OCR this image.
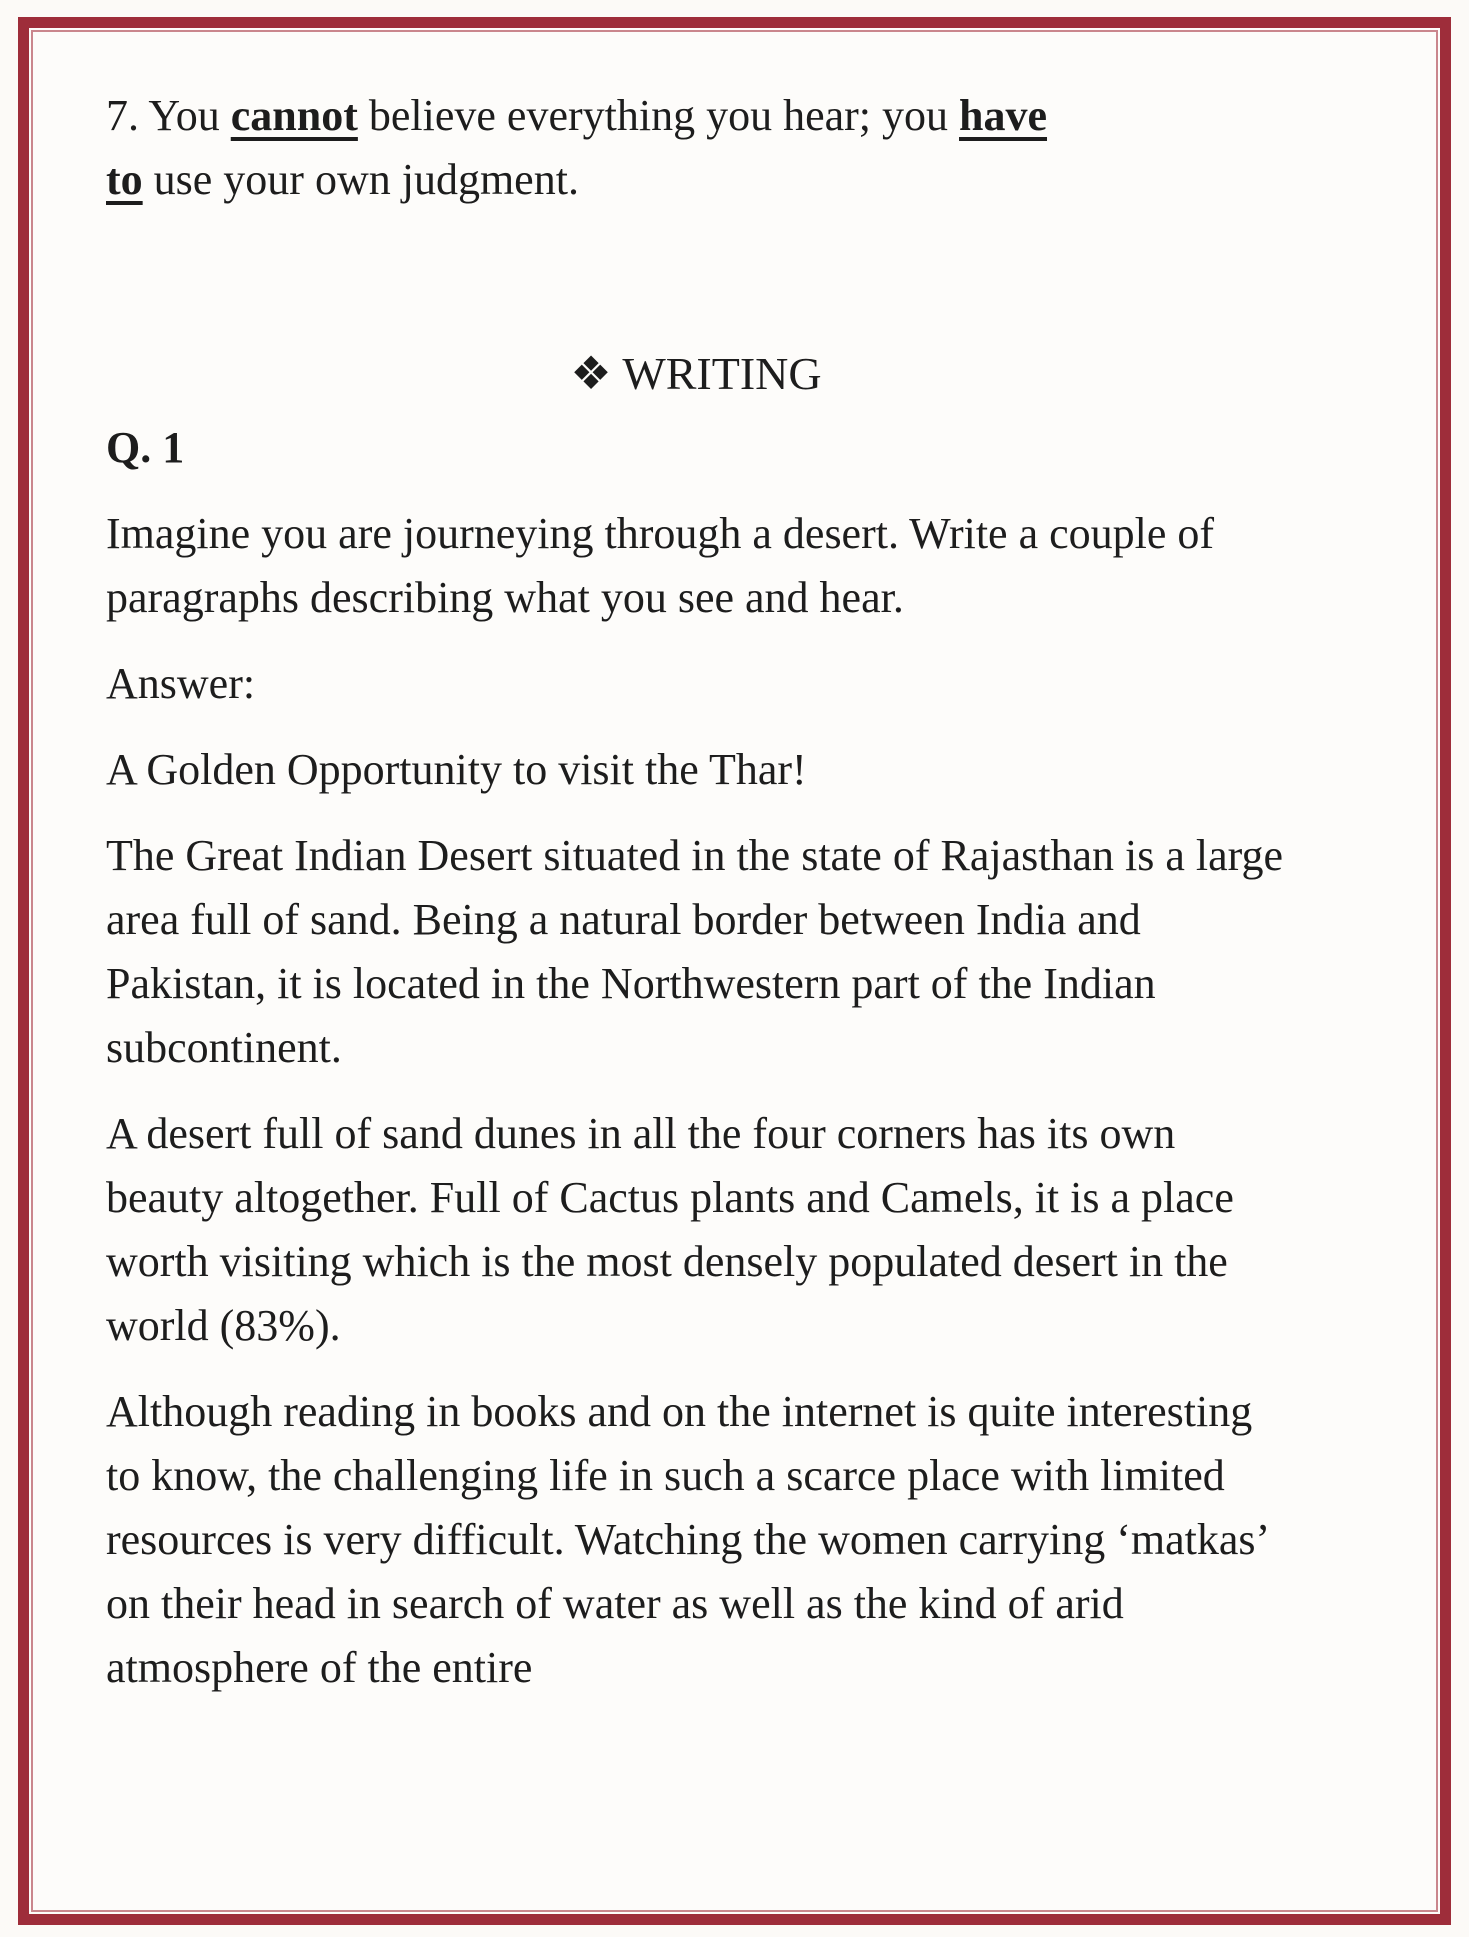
7. You cannot believe everything you hear; you have
to use your own judgment.

❖ WRITING

Q. 1

Imagine you are journeying through a desert. Write a couple of paragraphs describing what you see and hear.

Answer:

A Golden Opportunity to visit the Thar!

The Great Indian Desert situated in the state of Rajasthan is a large area full of sand. Being a natural border between India and Pakistan, it is located in the Northwestern part of the Indian subcontinent.

A desert full of sand dunes in all the four corners has its own beauty altogether. Full of Cactus plants and Camels, it is a place worth visiting which is the most densely populated desert in the world (83%).

Although reading in books and on the internet is quite interesting to know, the challenging life in such a scarce place with limited resources is very difficult. Watching the women carrying ‘matkas’ on their head in search of water as well as the kind of arid atmosphere of the entire
